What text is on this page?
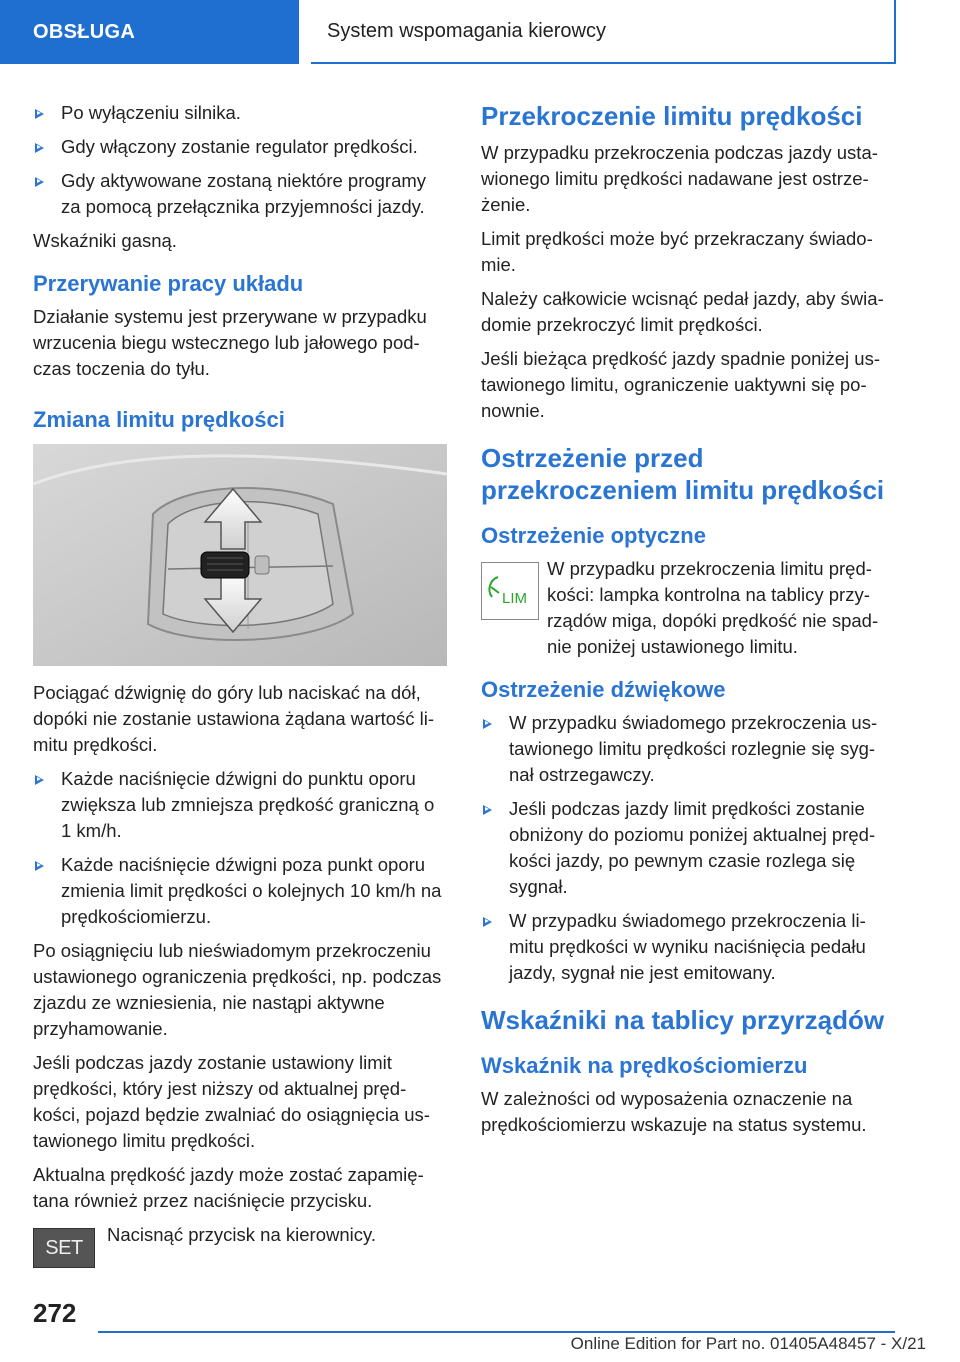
OBSŁUGA	System wspomagania kierowcy
Po wyłączeniu silnika.
Gdy włączony zostanie regulator prędkości.
Gdy aktywowane zostaną niektóre programy za pomocą przełącznika przyjemności jazdy.

Wskaźniki gasną.

Przerywanie pracy układu

Działanie systemu jest przerywane w przypadku wrzucenia biegu wstecznego lub jałowego podczas toczenia do tyłu.

Zmiana limitu prędkości

Pociągać dźwignię do góry lub naciskać na dół, dopóki nie zostanie ustawiona żądana wartość limitu prędkości.

Każde naciśnięcie dźwigni do punktu oporu zwiększa lub zmniejsza prędkość graniczną o 1 km/h.
Każde naciśnięcie dźwigni poza punkt oporu zmienia limit prędkości o kolejnych 10 km/h na prędkościomierzu.

Po osiągnięciu lub nieświadomym przekroczeniu ustawionego ograniczenia prędkości, np. podczas zjazdu ze wzniesienia, nie nastąpi aktywne przyhamowanie.

Jeśli podczas jazdy zostanie ustawiony limit prędkości, który jest niższy od aktualnej prędkości, pojazd będzie zwalniać do osiągnięcia ustawionego limitu prędkości.

Aktualna prędkość jazdy może zostać zapamiętana również przez naciśnięcie przycisku.

SET

Nacisnąć przycisk na kierownicy.

Przekroczenie limitu prędkości

W przypadku przekroczenia podczas jazdy ustawionego limitu prędkości nadawane jest ostrzeżenie.

Limit prędkości może być przekraczany świadomie.

Należy całkowicie wcisnąć pedał jazdy, aby świadomie przekroczyć limit prędkości.

Jeśli bieżąca prędkość jazdy spadnie poniżej ustawionego limitu, ograniczenie uaktywni się ponownie.

Ostrzeżenie przed przekroczeniem limitu prędkości
Ostrzeżenie optyczne
LIM

W przypadku przekroczenia limitu prędkości: lampka kontrolna na tablicy przyrządów miga, dopóki prędkość nie spadnie poniżej ustawionego limitu.

Ostrzeżenie dźwiękowe
W przypadku świadomego przekroczenia ustawionego limitu prędkości rozlegnie się sygnał ostrzegawczy.
Jeśli podczas jazdy limit prędkości zostanie obniżony do poziomu poniżej aktualnej prędkości jazdy, po pewnym czasie rozlega się sygnał.
W przypadku świadomego przekroczenia limitu prędkości w wyniku naciśnięcia pedału jazdy, sygnał nie jest emitowany.
Wskaźniki na tablicy przyrządów
Wskaźnik na prędkościomierzu

W zależności od wyposażenia oznaczenie na prędkościomierzu wskazuje na status systemu.

272
Online Edition for Part no. 01405A48457 - X/21
